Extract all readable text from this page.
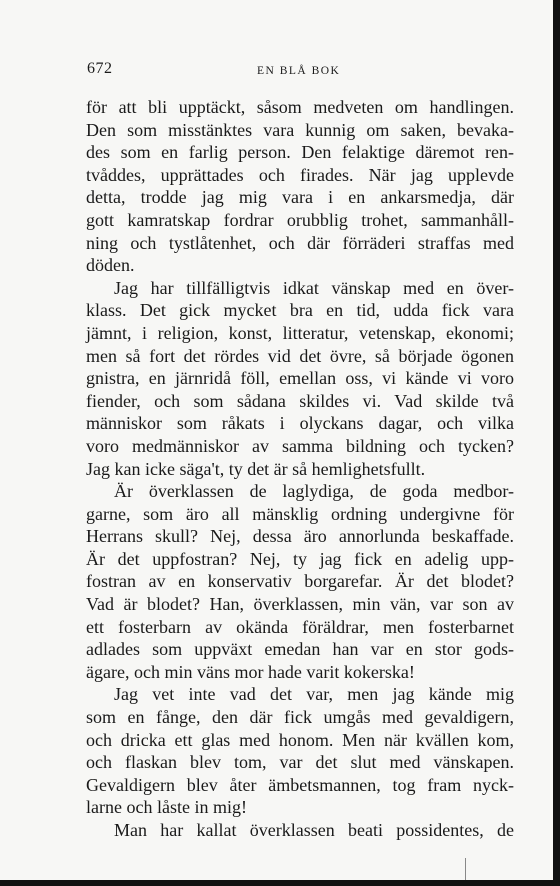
672	EN BLÅ BOK
för att bli upptäckt, såsom medveten om handlingen.
Den som misstänktes vara kunnig om saken, bevaka-
des som en farlig person. Den felaktige däremot ren-
tvåddes, upprättades och firades. När jag upplevde
detta, trodde jag mig vara i en ankarsmedja, där
gott kamratskap fordrar orubblig trohet, sammanhåll-
ning och tystlåtenhet, och där förräderi straffas med
döden.
Jag har tillfälligtvis idkat vänskap med en över-
klass. Det gick mycket bra en tid, udda fick vara
jämnt, i religion, konst, litteratur, vetenskap, ekonomi;
men så fort det rördes vid det övre, så började ögonen
gnistra, en järnridå föll, emellan oss, vi kände vi voro
fiender, och som sådana skildes vi. Vad skilde två
människor som råkats i olyckans dagar, och vilka
voro medmänniskor av samma bildning och tycken?
Jag kan icke säga't, ty det är så hemlighetsfullt.
Är överklassen de laglydiga, de goda medbor-
garne, som äro all mänsklig ordning undergivne för
Herrans skull? Nej, dessa äro annorlunda beskaffade.
Är det uppfostran? Nej, ty jag fick en adelig upp-
fostran av en konservativ borgarefar. Är det blodet?
Vad är blodet? Han, överklassen, min vän, var son av
ett fosterbarn av okända föräldrar, men fosterbarnet
adlades som uppväxt emedan han var en stor gods-
ägare, och min väns mor hade varit kokerska!
Jag vet inte vad det var, men jag kände mig
som en fånge, den där fick umgås med gevaldigern,
och dricka ett glas med honom. Men när kvällen kom,
och flaskan blev tom, var det slut med vänskapen.
Gevaldigern blev åter ämbetsmannen, tog fram nyck-
larne och låste in mig!
Man har kallat överklassen beati possidentes, de
